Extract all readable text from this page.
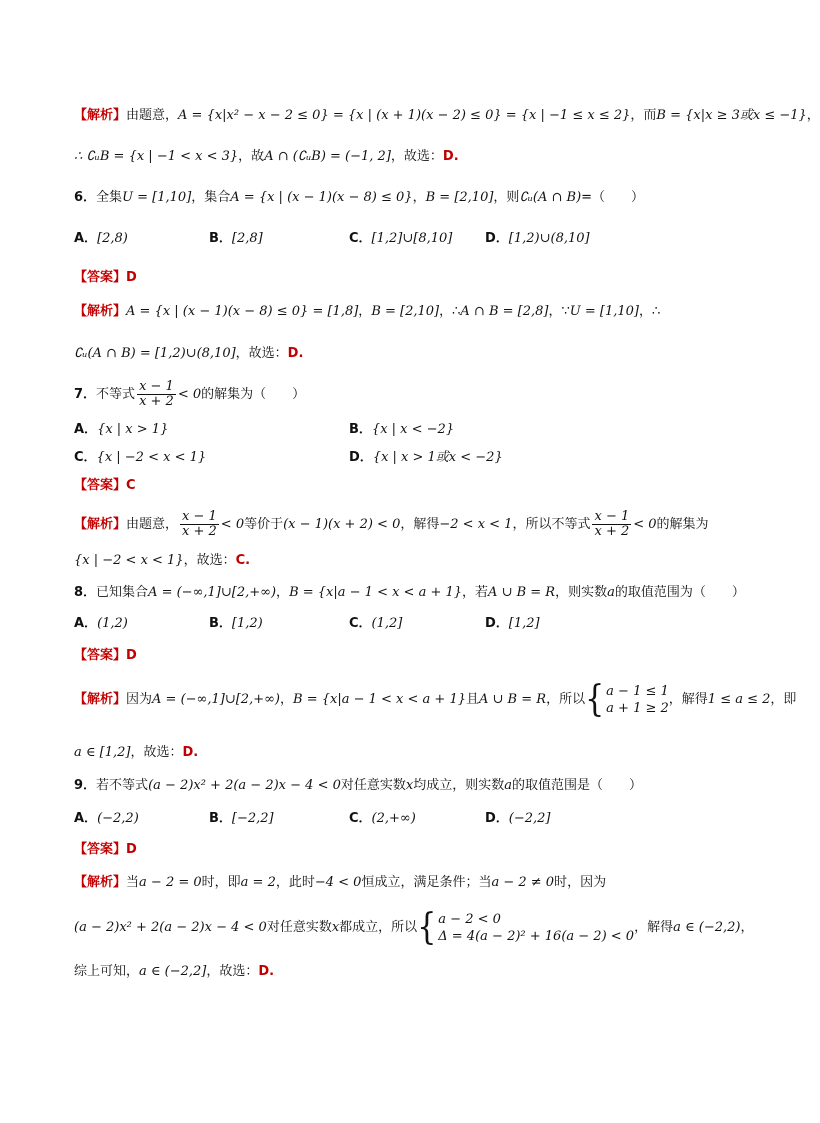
【解析】由题意，A = {x|x² − x − 2 ≤ 0} = {x | (x + 1)(x − 2) ≤ 0} = {x | −1 ≤ x ≤ 2}，而B = {x|x ≥ 3或x ≤ −1}，
∴ ∁ᵤB = {x | −1 < x < 3}，故A ∩ (∁ᵤB) = (−1, 2]，故选：D.
6．全集U = [1,10]，集合A = {x | (x − 1)(x − 8) ≤ 0}，B = [2,10]，则∁ᵤ(A ∩ B)=（　　）
A．[2,8)	B．[2,8]	C．[1,2]∪[8,10]	D．[1,2)∪(8,10]
【答案】D
【解析】A = {x | (x − 1)(x − 8) ≤ 0} = [1,8]，B = [2,10]，∴A ∩ B = [2,8]，∵U = [1,10]，∴
∁ᵤ(A ∩ B) = [1,2)∪(8,10]，故选：D.
7．不等式 $\frac{x - 1}{x + 2} < 0$的解集为（　　）
A．{x | x > 1}	B．{x | x < −2}
C．{x | −2 < x < 1}	D．{x | x > 1或x < −2}
【答案】C
【解析】由题意， $\frac{x - 1}{x + 2} < 0$等价于(x − 1)(x + 2) < 0，解得−2 < x < 1，所以不等式 $\frac{x - 1}{x + 2} < 0$的解集为
{x | −2 < x < 1}，故选：C.
8．已知集合A = (−∞,1]∪[2,+∞)，B = {x|a − 1 < x < a + 1}，若A ∪ B = R，则实数a的取值范围为（　　）
A．(1,2)	B．[1,2)	C．(1,2]	D．[1,2]
【答案】D
【解析】因为A = (−∞,1]∪[2,+∞)，B = {x|a − 1 < x < a + 1}且A ∪ B = R，所以{ a − 1 ≤ 1
a + 1 ≥ 2
，解得1 ≤ a ≤ 2，即
a ∈ [1,2]，故选：D.
9．若不等式(a − 2)x² + 2(a − 2)x − 4 < 0对任意实数x均成立，则实数a的取值范围是（　　）
A．(−2,2)	B．[−2,2]	C．(2,+∞)	D．(−2,2]
【答案】D
【解析】当a − 2 = 0时，即a = 2，此时−4 < 0恒成立，满足条件；当a − 2 ≠ 0时，因为
(a − 2)x² + 2(a − 2)x − 4 < 0对任意实数x都成立，所以{ a − 2 < 0
Δ = 4(a − 2)² + 16(a − 2) < 0
，解得a ∈ (−2,2)，
综上可知，a ∈ (−2,2]，故选：D.
